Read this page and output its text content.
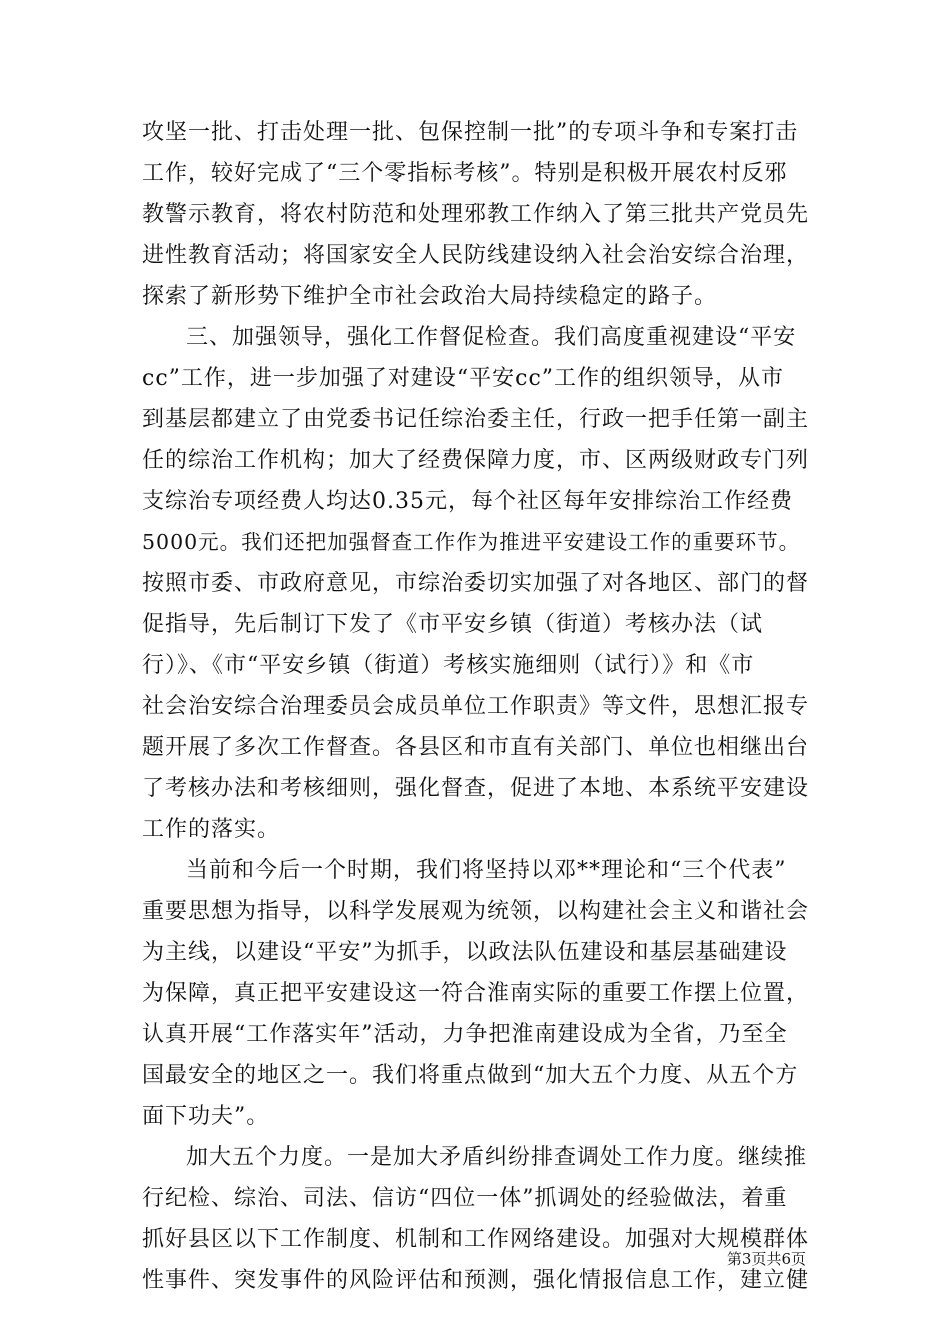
攻坚一批、打击处理一批、包保控制一批”的专项斗争和专案打击
工作，较好完成了“三个零指标考核”。特别是积极开展农村反邪
教警示教育，将农村防范和处理邪教工作纳入了第三批共产党员先
进性教育活动；将国家安全人民防线建设纳入社会治安综合治理，
探索了新形势下维护全市社会政治大局持续稳定的路子。
三、加强领导，强化工作督促检查。我们高度重视建设“平安
cc”工作，进一步加强了对建设“平安cc”工作的组织领导，从市
到基层都建立了由党委书记任综治委主任，行政一把手任第一副主
任的综治工作机构；加大了经费保障力度，市、区两级财政专门列
支综治专项经费人均达0.35元，每个社区每年安排综治工作经费
5000元。我们还把加强督查工作作为推进平安建设工作的重要环节。
按照市委、市政府意见，市综治委切实加强了对各地区、部门的督
促指导，先后制订下发了《市平安乡镇（街道）考核办法（试
行）》、《市“平安乡镇（街道）考核实施细则（试行）》和《市
社会治安综合治理委员会成员单位工作职责》等文件，思想汇报专
题开展了多次工作督查。各县区和市直有关部门、单位也相继出台
了考核办法和考核细则，强化督查，促进了本地、本系统平安建设
工作的落实。
当前和今后一个时期，我们将坚持以邓**理论和“三个代表”
重要思想为指导，以科学发展观为统领，以构建社会主义和谐社会
为主线，以建设“平安”为抓手，以政法队伍建设和基层基础建设
为保障，真正把平安建设这一符合淮南实际的重要工作摆上位置，
认真开展“工作落实年”活动，力争把淮南建设成为全省，乃至全
国最安全的地区之一。我们将重点做到“加大五个力度、从五个方
面下功夫”。
加大五个力度。一是加大矛盾纠纷排查调处工作力度。继续推
行纪检、综治、司法、信访“四位一体”抓调处的经验做法，着重
抓好县区以下工作制度、机制和工作网络建设。加强对大规模群体
性事件、突发事件的风险评估和预测，强化情报信息工作，建立健
第3页共6页
